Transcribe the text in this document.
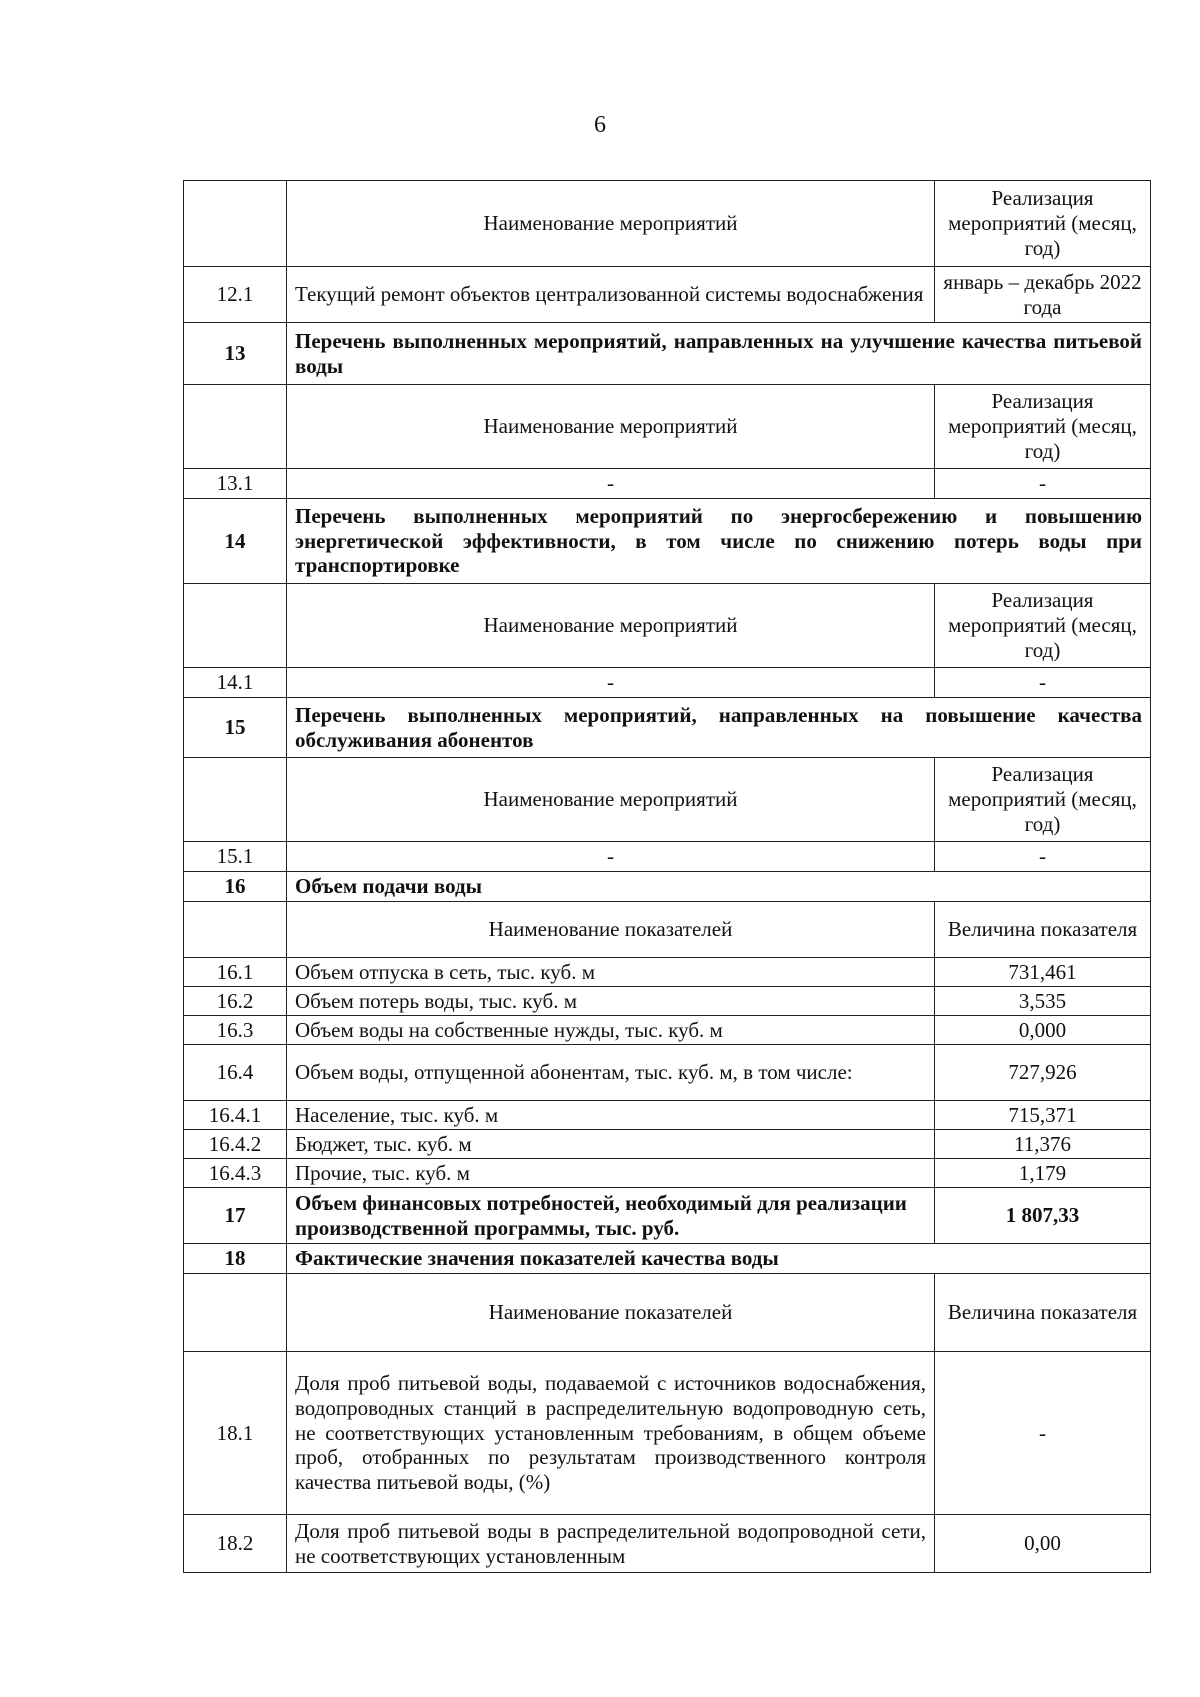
6
	Наименование мероприятий	Реализация мероприятий (месяц, год)
12.1	Текущий ремонт объектов централизованной системы водоснабжения	январь – декабрь 2022 года
13	Перечень выполненных мероприятий, направленных на улучшение качества питьевой воды	
	Наименование мероприятий	Реализация мероприятий (месяц, год)
13.1	-	-
14	Перечень выполненных мероприятий по энергосбережению и повышению энергетической эффективности, в том числе по снижению потерь воды при транспортировке	
	Наименование мероприятий	Реализация мероприятий (месяц, год)
14.1	-	-
15	Перечень выполненных мероприятий, направленных на повышение качества обслуживания абонентов	
	Наименование мероприятий	Реализация мероприятий (месяц, год)
15.1	-	-
16	Объем подачи воды	
	Наименование показателей	Величина показателя
16.1	Объем отпуска в сеть, тыс. куб. м	731,461
16.2	Объем потерь воды, тыс. куб. м	3,535
16.3	Объем воды на собственные нужды, тыс. куб. м	0,000
16.4	Объем воды, отпущенной абонентам, тыс. куб. м, в том числе:	727,926
16.4.1	Население, тыс. куб. м	715,371
16.4.2	Бюджет, тыс. куб. м	11,376
16.4.3	Прочие, тыс. куб. м	1,179
17	Объем финансовых потребностей, необходимый для реализации производственной программы, тыс. руб.	1 807,33
18	Фактические значения показателей качества воды	
	Наименование показателей	Величина показателя
18.1	Доля проб питьевой воды, подаваемой с источников водоснабжения, водопроводных станций в распределительную водопроводную сеть, не соответствующих установленным требованиям, в общем объеме проб, отобранных по результатам производственного контроля качества питьевой воды, (%)	-
18.2	Доля проб питьевой воды в распределительной водопроводной сети, не соответствующих установленным	0,00
